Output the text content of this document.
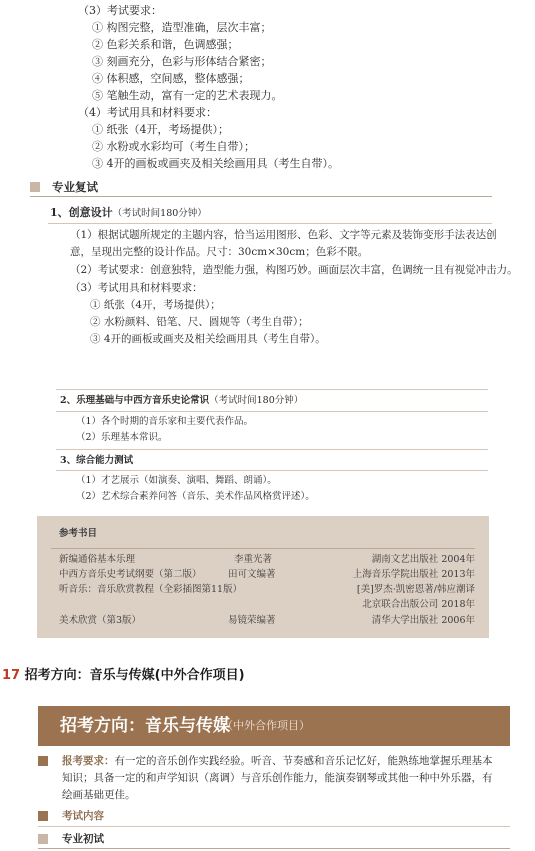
（3）考试要求：
① 构图完整，造型准确，层次丰富；
② 色彩关系和谐，色调感强；
③ 刻画充分，色彩与形体结合紧密；
④ 体积感，空间感，整体感强；
⑤ 笔触生动，富有一定的艺术表现力。
（4）考试用具和材料要求：
① 纸张（4开，考场提供）；
② 水粉或水彩均可（考生自带）；
③ 4开的画板或画夹及相关绘画用具（考生自带）。
专业复试
1、创意设计（考试时间180分钟）
（1）根据试题所规定的主题内容，恰当运用图形、色彩、文字等元素及装饰变形手法表达创
意，呈现出完整的设计作品。尺寸：30cm×30cm；色彩不限。
（2）考试要求：创意独特，造型能力强，构图巧妙。画面层次丰富，色调统一且有视觉冲击力。
（3）考试用具和材料要求：
① 纸张（4开，考场提供）；
② 水粉颜料、铅笔、尺、圆规等（考生自带）；
③ 4开的画板或画夹及相关绘画用具（考生自带）。
2、乐理基础与中西方音乐史论常识（考试时间180分钟）
（1）各个时期的音乐家和主要代表作品。
（2）乐理基本常识。
3、综合能力测试
（1）才艺展示（如演奏、演唱、舞蹈、朗诵）。
（2）艺术综合素养问答（音乐、美术作品风格赏评述）。
参考书目
新编通俗基本乐理	李重光著	湖南文艺出版社 2004年
中西方音乐史考试纲要（第二版）	田可文编著	上海音乐学院出版社 2013年
听音乐：音乐欣赏教程（全彩插图第11版）	[美]罗杰·凯密恩著/韩应潮译
北京联合出版公司 2018年
美术欣赏（第3版）	易镜荣编著	清华大学出版社 2006年
17 招考方向：音乐与传媒(中外合作项目)
招考方向：音乐与传媒
（中外合作项目）
报考要求：有一定的音乐创作实践经验。听音、节奏感和音乐记忆好，能熟练地掌握乐理基本
知识；具备一定的和声学知识（离调）与音乐创作能力，能演奏钢琴或其他一种中外乐器，有
绘画基础更佳。
考试内容
专业初试
